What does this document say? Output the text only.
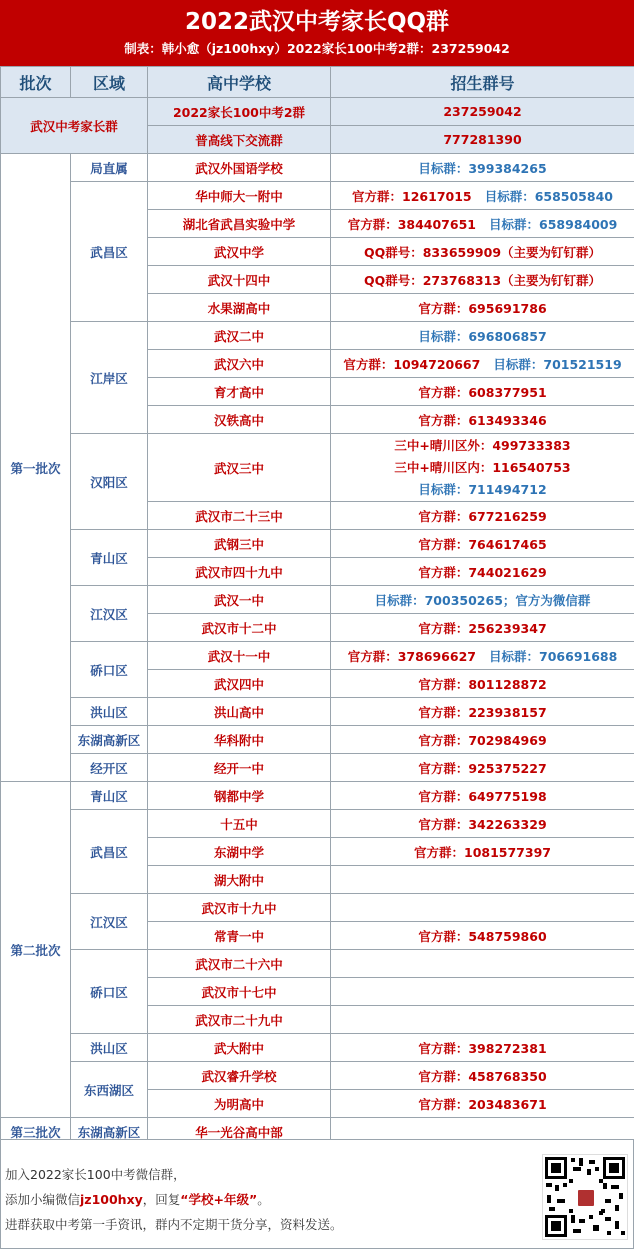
2022武汉中考家长QQ群
制表：韩小愈（jz100hxy）2022家长100中考2群：237259042
批次	区域	高中学校	招生群号
武汉中考家长群		2022家长100中考2群	237259042
		普高线下交流群	777281390
第一批次	局直属	武汉外国语学校	目标群：399384265
	武昌区	华中师大一附中	官方群：12617015 目标群：658505840
		湖北省武昌实验中学	官方群：384407651 目标群：658984009
		武汉中学	QQ群号：833659909（主要为钉钉群）
		武汉十四中	QQ群号：273768313（主要为钉钉群）
		水果湖高中	官方群：695691786
	江岸区	武汉二中	目标群：696806857
		武汉六中	官方群：1094720667 目标群：701521519
		育才高中	官方群：608377951
		汉铁高中	官方群：613493346
	汉阳区	武汉三中	三中+晴川区外：499733383
三中+晴川区内：116540753
目标群：711494712

		武汉市二十三中	官方群：677216259
	青山区	武钢三中	官方群：764617465
		武汉市四十九中	官方群：744021629
	江汉区	武汉一中	目标群：700350265；官方为微信群
		武汉市十二中	官方群：256239347
	硚口区	武汉十一中	官方群：378696627 目标群：706691688
		武汉四中	官方群：801128872
	洪山区	洪山高中	官方群：223938157
	东湖高新区	华科附中	官方群：702984969
	经开区	经开一中	官方群：925375227
第二批次	青山区	钢都中学	官方群：649775198
	武昌区	十五中	官方群：342263329
		东湖中学	官方群：1081577397
		湖大附中	
	江汉区	武汉市十九中	
		常青一中	官方群：548759860
	硚口区	武汉市二十六中	
		武汉市十七中	
		武汉市二十九中	
	洪山区	武大附中	官方群：398272381
	东西湖区	武汉睿升学校	官方群：458768350
		为明高中	官方群：203483671
第三批次	东湖高新区	华一光谷高中部	
加入2022家长100中考微信群，
添加小编微信jz100hxy，回复“学校+年级”。
进群获取中考第一手资讯，群内不定期干货分享，资料发送。
